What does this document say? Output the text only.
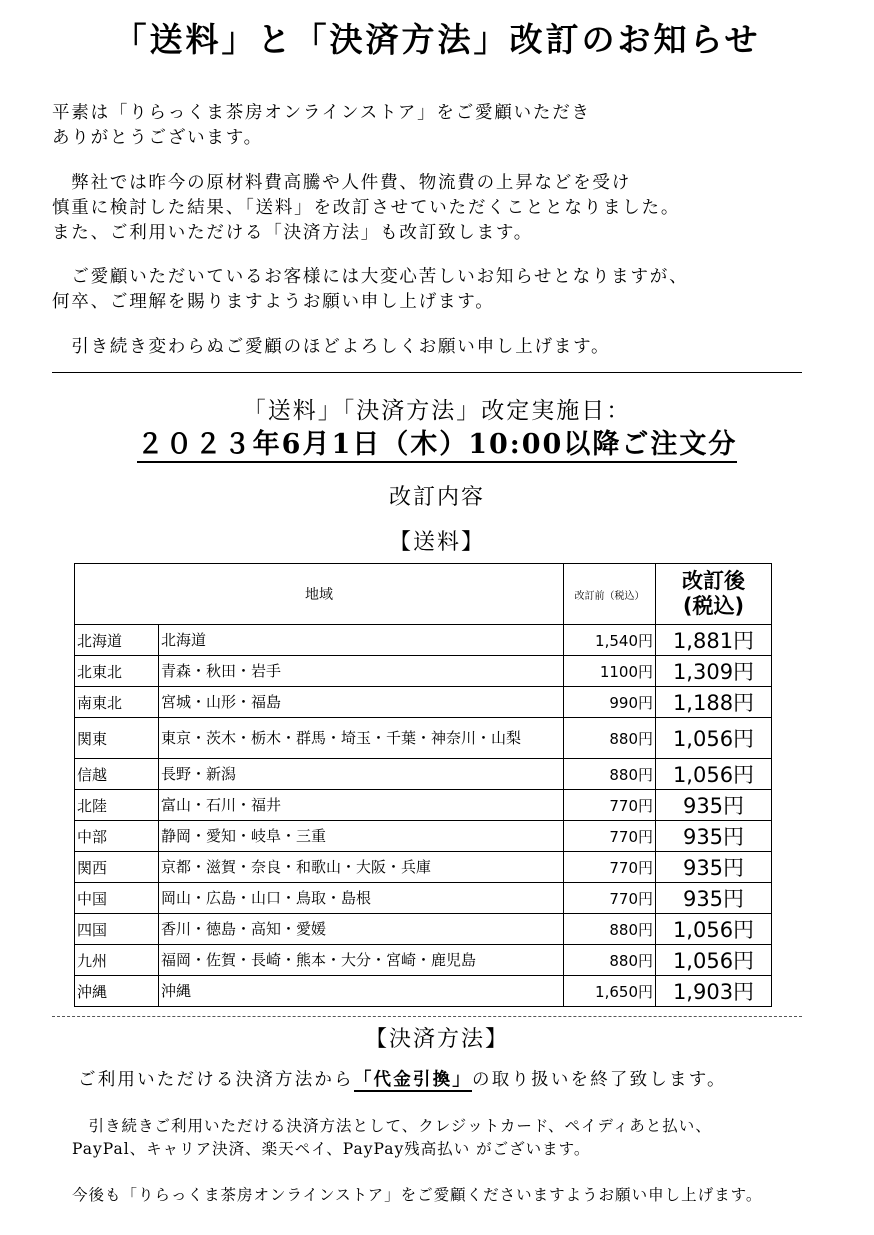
「送料」と「決済方法」改訂のお知らせ
平素は「りらっくま茶房オンラインストア」をご愛顧いただき
ありがとうございます。
　弊社では昨今の原材料費高騰や人件費、物流費の上昇などを受け
慎重に検討した結果、「送料」を改訂させていただくこととなりました。
また、ご利用いただける「決済方法」も改訂致します。
　ご愛顧いただいているお客様には大変心苦しいお知らせとなりますが、
何卒、ご理解を賜りますようお願い申し上げます。
　引き続き変わらぬご愛顧のほどよろしくお願い申し上げます。
「送料」「決済方法」改定実施日：
２０２３年6月1日（木）10:00以降ご注文分
改訂内容
【送料】
地域		改訂前（税込）	改訂後
(税込)

北海道	北海道	1,540円	1,881円
北東北	青森・秋田・岩手	1100円	1,309円
南東北	宮城・山形・福島	990円	1,188円
関東	東京・茨木・栃木・群馬・埼玉・千葉・神奈川・山梨	880円	1,056円
信越	長野・新潟	880円	1,056円
北陸	富山・石川・福井	770円	935円
中部	静岡・愛知・岐阜・三重	770円	935円
関西	京都・滋賀・奈良・和歌山・大阪・兵庫	770円	935円
中国	岡山・広島・山口・鳥取・島根	770円	935円
四国	香川・徳島・高知・愛媛	880円	1,056円
九州	福岡・佐賀・長崎・熊本・大分・宮崎・鹿児島	880円	1,056円
沖縄	沖縄	1,650円	1,903円
【決済方法】
ご利用いただける決済方法から「代金引換」の取り扱いを終了致します。
　引き続きご利用いただける決済方法として、クレジットカード、ペイディあと払い、
PayPal、キャリア決済、楽天ペイ、PayPay残高払い がございます。
今後も「りらっくま茶房オンラインストア」をご愛顧くださいますようお願い申し上げます。
